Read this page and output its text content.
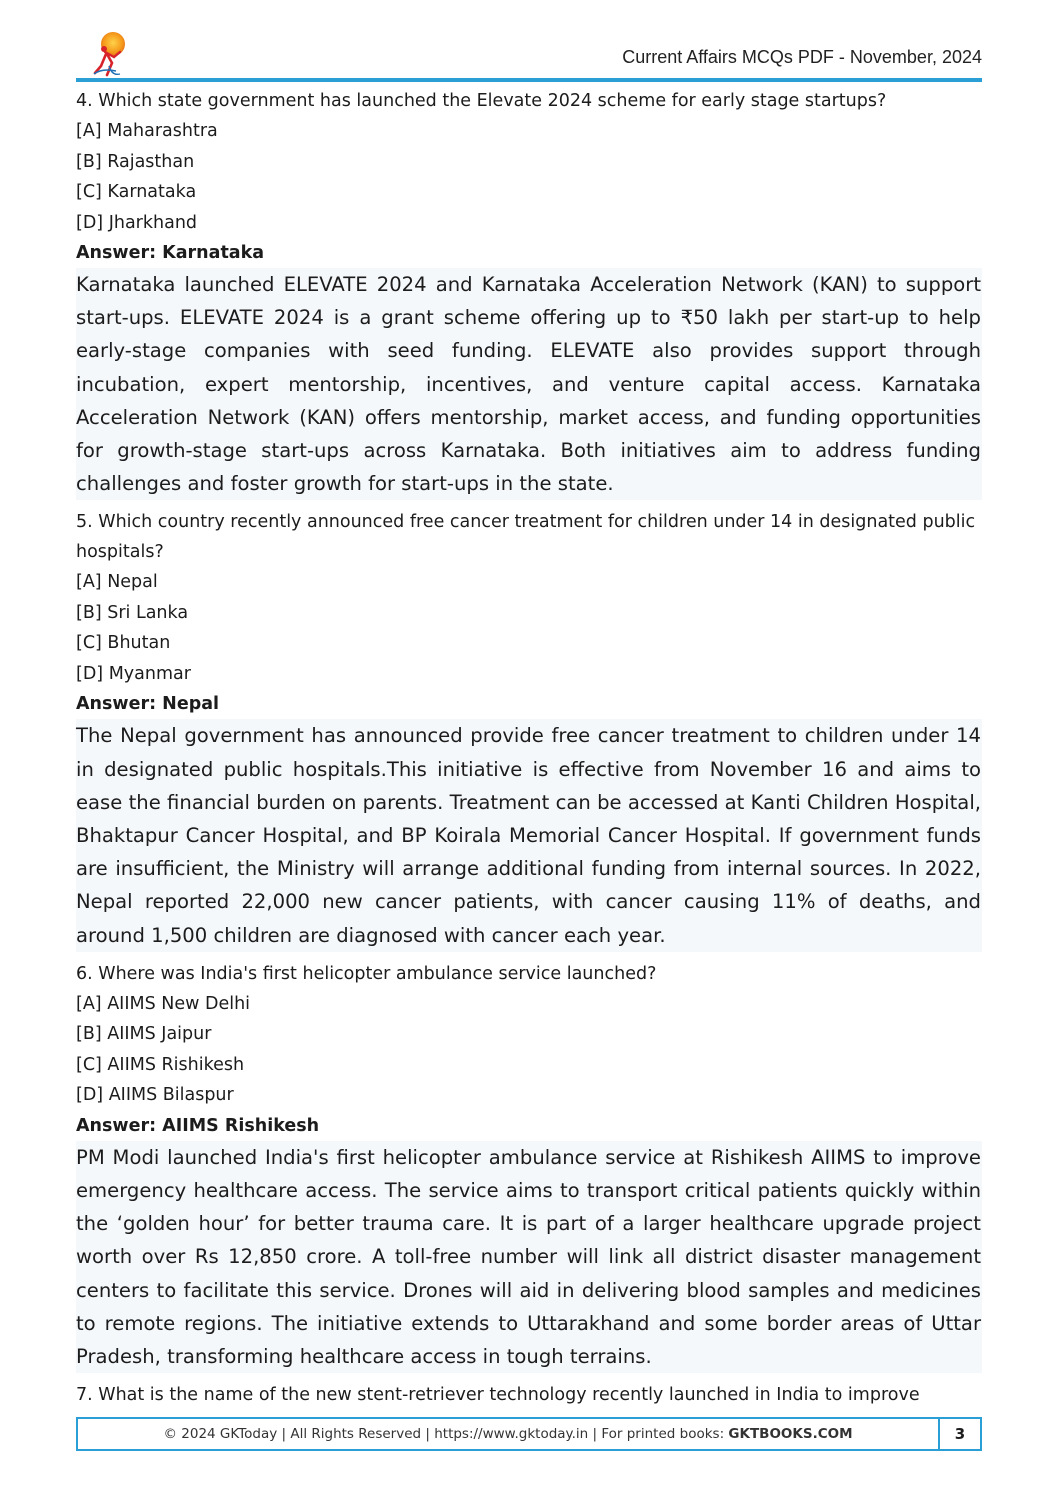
Current Affairs MCQs PDF - November, 2024
4. Which state government has launched the Elevate 2024 scheme for early stage startups?
[A] Maharashtra
[B] Rajasthan
[C] Karnataka
[D] Jharkhand
Answer: Karnataka
Karnataka launched ELEVATE 2024 and Karnataka Acceleration Network (KAN) to support start-ups. ELEVATE 2024 is a grant scheme offering up to ₹50 lakh per start-up to help early-stage companies with seed funding. ELEVATE also provides support through incubation, expert mentorship, incentives, and venture capital access. Karnataka Acceleration Network (KAN) offers mentorship, market access, and funding opportunities for growth-stage start-ups across Karnataka. Both initiatives aim to address funding challenges and foster growth for start-ups in the state.
5. Which country recently announced free cancer treatment for children under 14 in designated public hospitals?
[A] Nepal
[B] Sri Lanka
[C] Bhutan
[D] Myanmar
Answer: Nepal
The Nepal government has announced provide free cancer treatment to children under 14 in designated public hospitals.This initiative is effective from November 16 and aims to ease the financial burden on parents. Treatment can be accessed at Kanti Children Hospital, Bhaktapur Cancer Hospital, and BP Koirala Memorial Cancer Hospital. If government funds are insufficient, the Ministry will arrange additional funding from internal sources. In 2022, Nepal reported 22,000 new cancer patients, with cancer causing 11% of deaths, and around 1,500 children are diagnosed with cancer each year.
6. Where was India's first helicopter ambulance service launched?
[A] AIIMS New Delhi
[B] AIIMS Jaipur
[C] AIIMS Rishikesh
[D] AIIMS Bilaspur
Answer: AIIMS Rishikesh
PM Modi launched India's first helicopter ambulance service at Rishikesh AIIMS to improve emergency healthcare access. The service aims to transport critical patients quickly within the ‘golden hour’ for better trauma care. It is part of a larger healthcare upgrade project worth over Rs 12,850 crore. A toll-free number will link all district disaster management centers to facilitate this service. Drones will aid in delivering blood samples and medicines to remote regions. The initiative extends to Uttarakhand and some border areas of Uttar Pradesh, transforming healthcare access in tough terrains.
7. What is the name of the new stent-retriever technology recently launched in India to improve
© 2024 GKToday | All Rights Reserved | https://www.gktoday.in | For printed books: GKTBOOKS.COM	3
